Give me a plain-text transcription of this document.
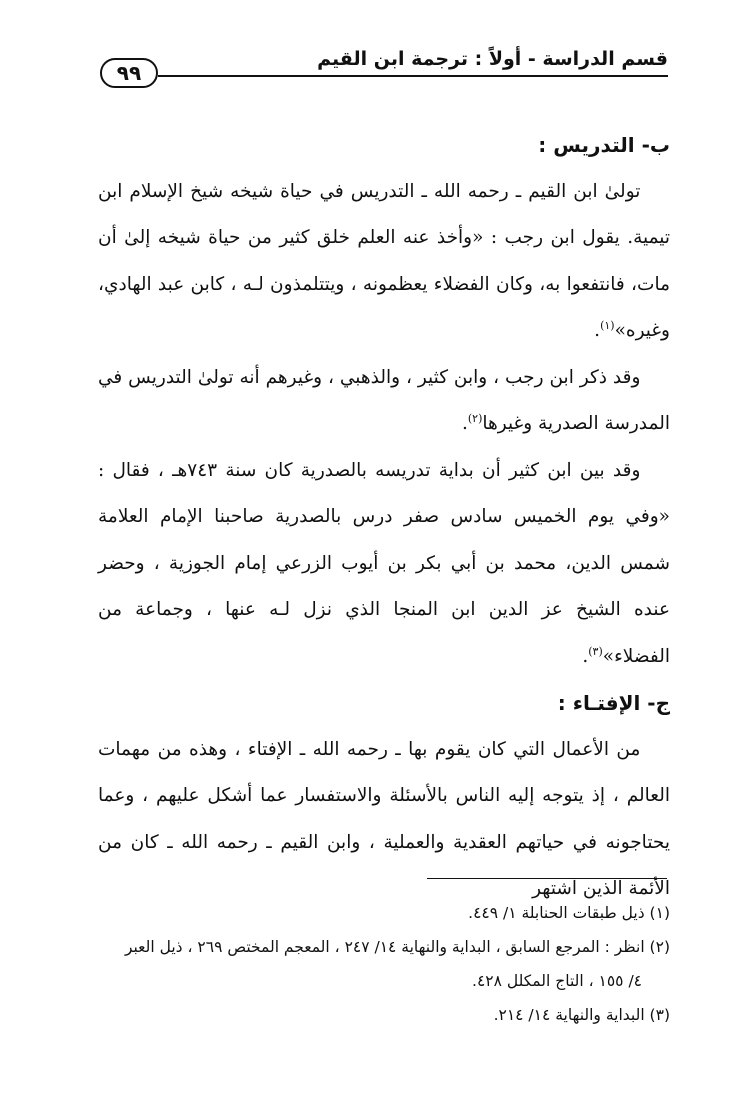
قسم الدراسة - أولاً : ترجمة ابن القيم
٩٩

ب- التدريس :

تولىٰ ابن القيم ـ رحمه الله ـ التدريس في حياة شيخه شيخ الإسلام ابن تيمية. يقول ابن رجب : «وأخذ عنه العلم خلق كثير من حياة شيخه إلىٰ أن مات، فانتفعوا به، وكان الفضلاء يعظمونه ، ويتتلمذون لـه ، كابن عبد الهادي، وغيره»$^{(١)}$.

وقد ذكر ابن رجب ، وابن كثير ، والذهبي ، وغيرهم أنه تولىٰ التدريس في المدرسة الصدرية وغيرها$^{(٢)}$.

وقد بين ابن كثير أن بداية تدريسه بالصدرية كان سنة ٧٤٣هـ ، فقال : «وفي يوم الخميس سادس صفر درس بالصدرية صاحبنا الإمام العلامة شمس الدين، محمد بن أبي بكر بن أيوب الزرعي إمام الجوزية ، وحضر عنده الشيخ عز الدين ابن المنجا الذي نزل لـه عنها ، وجماعة من الفضلاء»$^{(٣)}$.

ج- الإفتـاء :

من الأعمال التي كان يقوم بها ـ رحمه الله ـ الإفتاء ، وهذه من مهمات العالم ، إذ يتوجه إليه الناس بالأسئلة والاستفسار عما أشكل عليهم ، وعما يحتاجونه في حياتهم العقدية والعملية ، وابن القيم ـ رحمه الله ـ كان من الأئمة الذين اشتهر

(١) ذيل طبقات الحنابلة ١/ ٤٤٩.

(٢) انظر : المرجع السابق ، البداية والنهاية ١٤/ ٢٤٧ ، المعجم المختص ٢٦٩ ، ذيل العبر

٤/ ١٥٥ ، التاج المكلل ٤٢٨.

(٣) البداية والنهاية ١٤/ ٢١٤.
